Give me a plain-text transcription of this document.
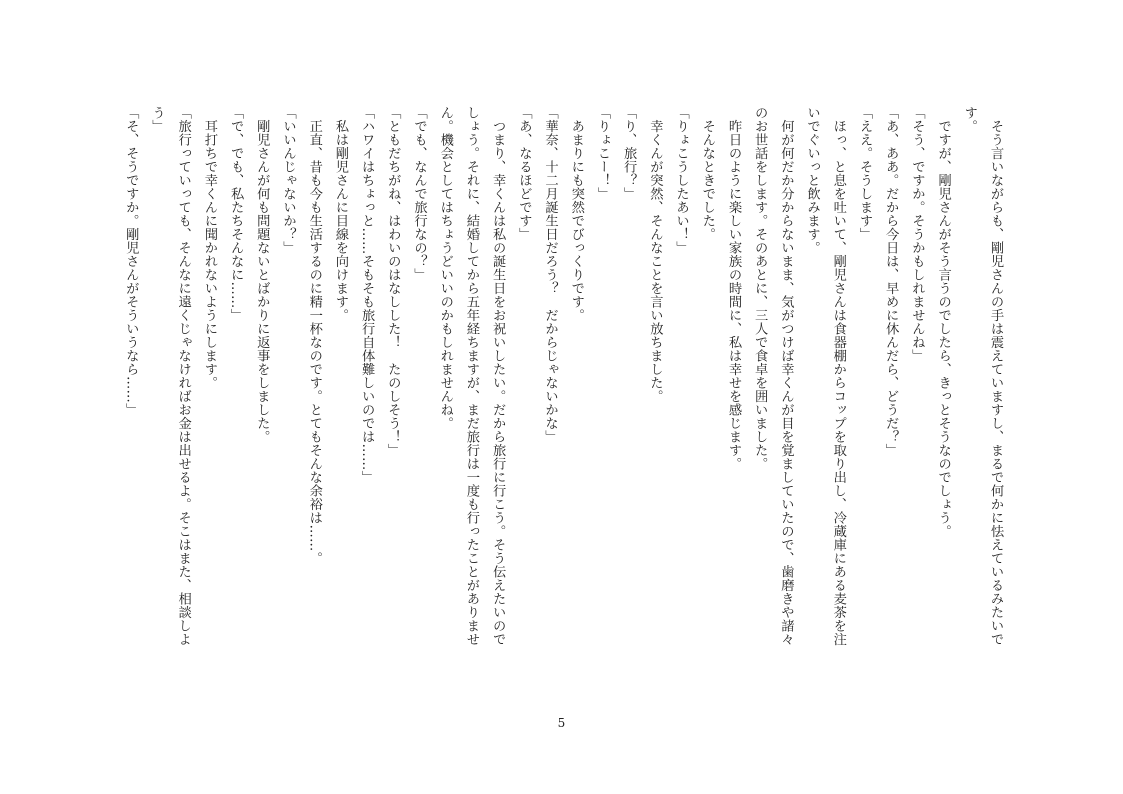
　そう言いながらも、剛児さんの手は震えていますし、まるで何かに怯えているみたいで
す。
　ですが、剛児さんがそう言うのでしたら、きっとそうなのでしょう。
「そう、ですか。そうかもしれませんね」
「あ、ああ。だから今日は、早めに休んだら、どうだ？」
「ええ。そうします」
　ほっ、と息を吐いて、剛児さんは食器棚からコップを取り出し、冷蔵庫にある麦茶を注
いでぐいっと飲みます。
　何が何だか分からないまま、気がつけば幸くんが目を覚ましていたので、歯磨きや諸々
のお世話をします。そのあとに、三人で食卓を囲いました。
　昨日のように楽しい家族の時間に、私は幸せを感じます。
　そんなときでした。
「りょこうしたあい！」
　幸くんが突然、そんなことを言い放ちました。
「り、旅行？」
「りょこー！」
　あまりにも突然でびっくりです。
「華奈、十二月誕生日だろう？　だからじゃないかな」
「あ、なるほどです」
　つまり、幸くんは私の誕生日をお祝いしたい。だから旅行に行こう。そう伝えたいので
しょう。それに、結婚してから五年経ちますが、まだ旅行は一度も行ったことがありませ
ん。機会としてはちょうどいいのかもしれませんね。
「でも、なんで旅行なの？」
「ともだちがね、はわいのはなしした！　たのしそう！」
「ハワイはちょっと……そもそも旅行自体難しいのでは……」
　私は剛児さんに目線を向けます。
　正直、昔も今も生活するのに精一杯なのです。とてもそんな余裕は……。
「いいんじゃないか？」
　剛児さんが何も問題ないとばかりに返事をしました。
「で、でも、私たちそんなに……」
　耳打ちで幸くんに聞かれないようにします。
「旅行っていっても、そんなに遠くじゃなければお金は出せるよ。そこはまた、相談しよ
う」
「そ、そうですか。剛児さんがそういうなら……」
5
